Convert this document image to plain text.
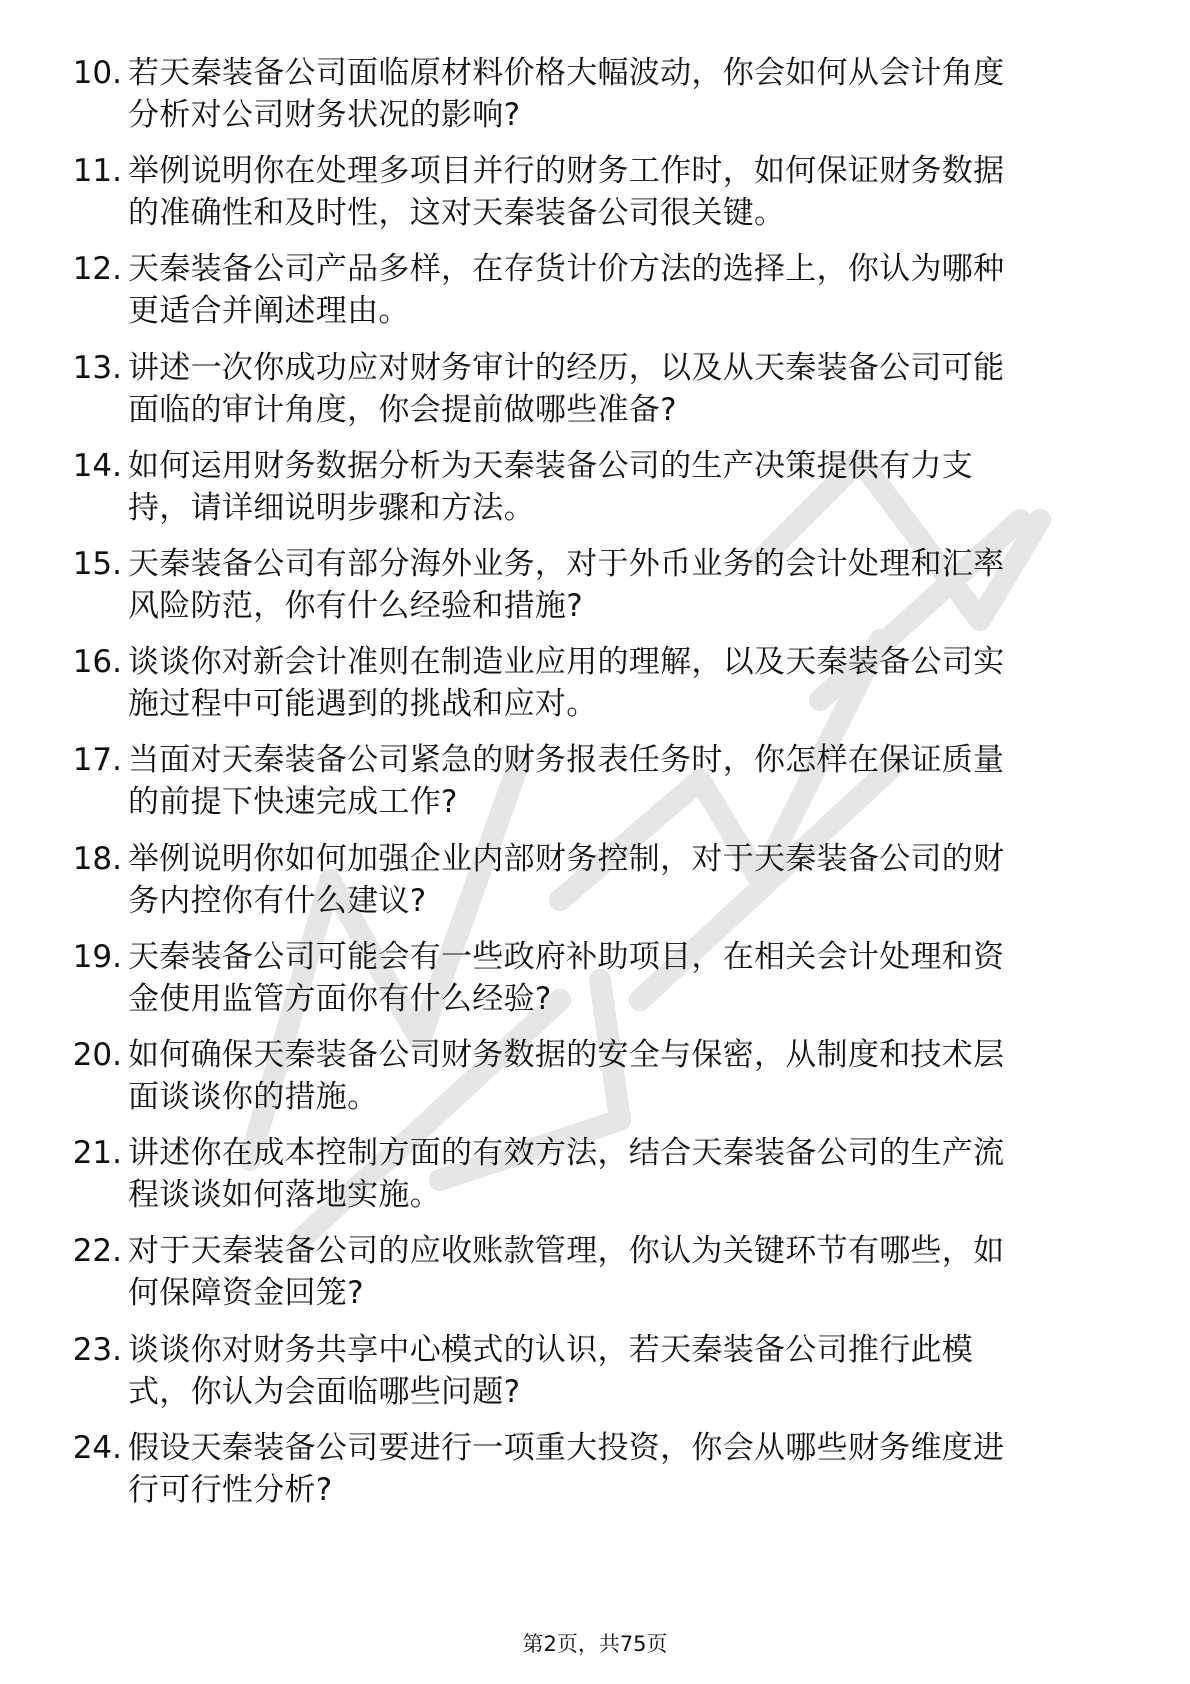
10. 若天秦装备公司面临原材料价格大幅波动，你会如何从会计角度
分析对公司财务状况的影响?
11. 举例说明你在处理多项目并行的财务工作时，如何保证财务数据
的准确性和及时性，这对天秦装备公司很关键。
12. 天秦装备公司产品多样，在存货计价方法的选择上，你认为哪种
更适合并阐述理由。
13. 讲述一次你成功应对财务审计的经历，以及从天秦装备公司可能
面临的审计角度，你会提前做哪些准备?
14. 如何运用财务数据分析为天秦装备公司的生产决策提供有力支
持，请详细说明步骤和方法。
15. 天秦装备公司有部分海外业务，对于外币业务的会计处理和汇率
风险防范，你有什么经验和措施?
16. 谈谈你对新会计准则在制造业应用的理解，以及天秦装备公司实
施过程中可能遇到的挑战和应对。
17. 当面对天秦装备公司紧急的财务报表任务时，你怎样在保证质量
的前提下快速完成工作?
18. 举例说明你如何加强企业内部财务控制，对于天秦装备公司的财
务内控你有什么建议?
19. 天秦装备公司可能会有一些政府补助项目，在相关会计处理和资
金使用监管方面你有什么经验?
20. 如何确保天秦装备公司财务数据的安全与保密，从制度和技术层
面谈谈你的措施。
21. 讲述你在成本控制方面的有效方法，结合天秦装备公司的生产流
程谈谈如何落地实施。
22. 对于天秦装备公司的应收账款管理，你认为关键环节有哪些，如
何保障资金回笼?
23. 谈谈你对财务共享中心模式的认识，若天秦装备公司推行此模
式，你认为会面临哪些问题?
24. 假设天秦装备公司要进行一项重大投资，你会从哪些财务维度进
行可行性分析?
第2页，共75页
